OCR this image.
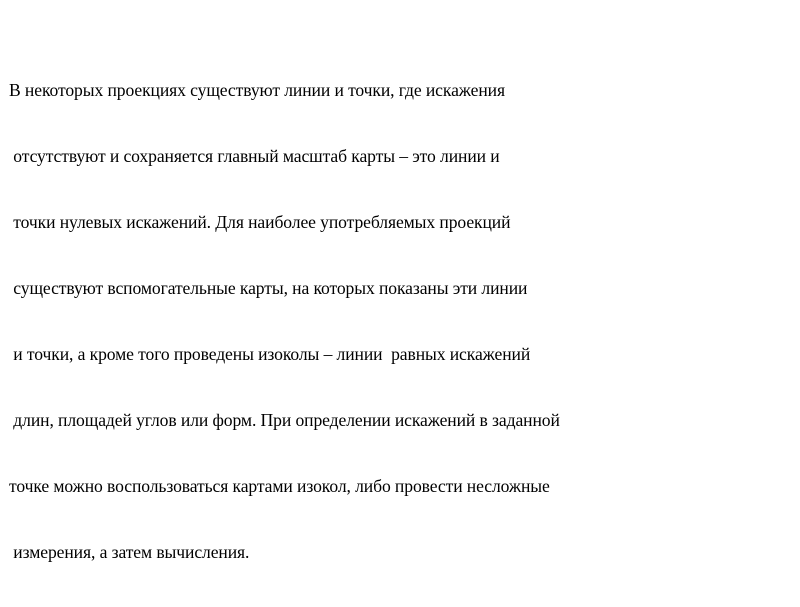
В некоторых проекциях существуют линии и точки, где искажения

отсутствуют и сохраняется главный масштаб карты – это линии и

точки нулевых искажений. Для наиболее употребляемых проекций

существуют вспомогательные карты, на которых показаны эти линии

и точки, а кроме того проведены изоколы – линии  равных искажений

длин, площадей углов или форм. При определении искажений в заданной

точке можно воспользоваться картами изокол, либо провести несложные

измерения, а затем вычисления.
